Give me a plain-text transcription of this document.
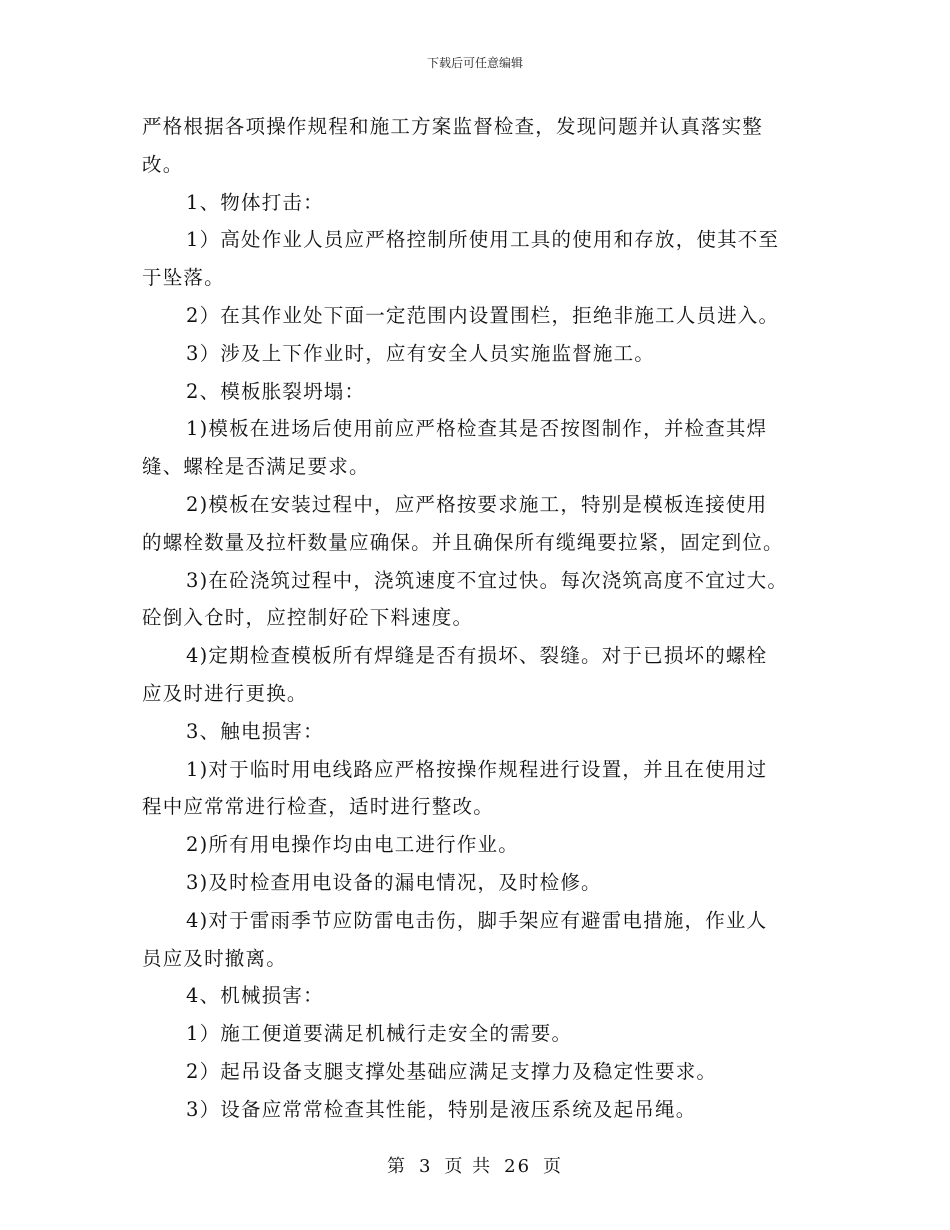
下载后可任意编辑

严格根据各项操作规程和施工方案监督检查，发现问题并认真落实整

改。

1、物体打击：

1）高处作业人员应严格控制所使用工具的使用和存放，使其不至

于坠落。

2）在其作业处下面一定范围内设置围栏，拒绝非施工人员进入。

3）涉及上下作业时，应有安全人员实施监督施工。

2、模板胀裂坍塌：

1)模板在进场后使用前应严格检查其是否按图制作，并检查其焊

缝、螺栓是否满足要求。

2)模板在安装过程中，应严格按要求施工，特别是模板连接使用

的螺栓数量及拉杆数量应确保。并且确保所有缆绳要拉紧，固定到位。

3)在砼浇筑过程中，浇筑速度不宜过快。每次浇筑高度不宜过大。

砼倒入仓时，应控制好砼下料速度。

4)定期检查模板所有焊缝是否有损坏、裂缝。对于已损坏的螺栓

应及时进行更换。

3、触电损害：

1)对于临时用电线路应严格按操作规程进行设置，并且在使用过

程中应常常进行检查，适时进行整改。

2)所有用电操作均由电工进行作业。

3)及时检查用电设备的漏电情况，及时检修。

4)对于雷雨季节应防雷电击伤，脚手架应有避雷电措施，作业人

员应及时撤离。

4、机械损害：

1）施工便道要满足机械行走安全的需要。

2）起吊设备支腿支撑处基础应满足支撑力及稳定性要求。

3）设备应常常检查其性能，特别是液压系统及起吊绳。

第 3 页 共 26 页
